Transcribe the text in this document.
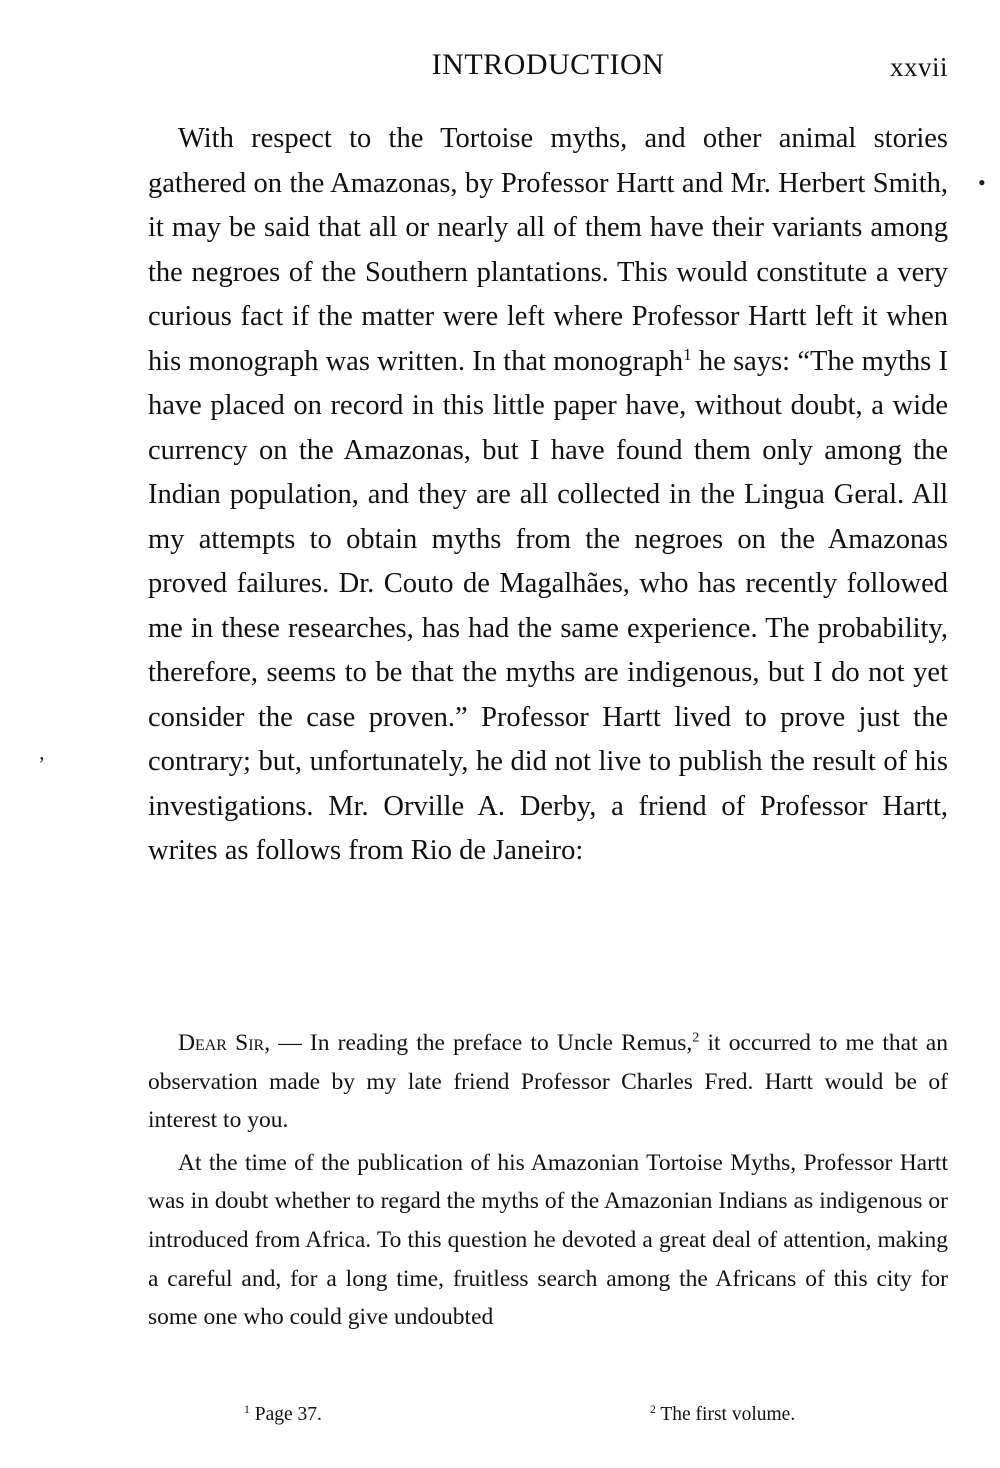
INTRODUCTION	xxvii

With respect to the Tortoise myths, and other animal stories gathered on the Amazonas, by Professor Hartt and Mr. Herbert Smith, it may be said that all or nearly all of them have their variants among the negroes of the Southern plantations. This would constitute a very curious fact if the matter were left where Professor Hartt left it when his monograph was written. In that monograph$^1$ he says: “The myths I have placed on record in this little paper have, without doubt, a wide currency on the Amazonas, but I have found them only among the Indian population, and they are all collected in the Lingua Geral. All my attempts to obtain myths from the negroes on the Amazonas proved failures. Dr. Couto de Magalhães, who has recently followed me in these researches, has had the same experience. The probability, therefore, seems to be that the myths are indigenous, but I do not yet consider the case proven.” Professor Hartt lived to prove just the contrary; but, unfortunately, he did not live to publish the result of his investigations. Mr. Orville A. Derby, a friend of Professor Hartt, writes as follows from Rio de Janeiro:

Dear Sir, — In reading the preface to Uncle Remus,$^2$ it occurred to me that an observation made by my late friend Professor Charles Fred. Hartt would be of interest to you.

At the time of the publication of his Amazonian Tortoise Myths, Professor Hartt was in doubt whether to regard the myths of the Amazonian Indians as indigenous or introduced from Africa. To this question he devoted a great deal of attention, making a careful and, for a long time, fruitless search among the Africans of this city for some one who could give undoubted

$^1$ Page 37.	$^2$ The first volume.
•
ʼ
